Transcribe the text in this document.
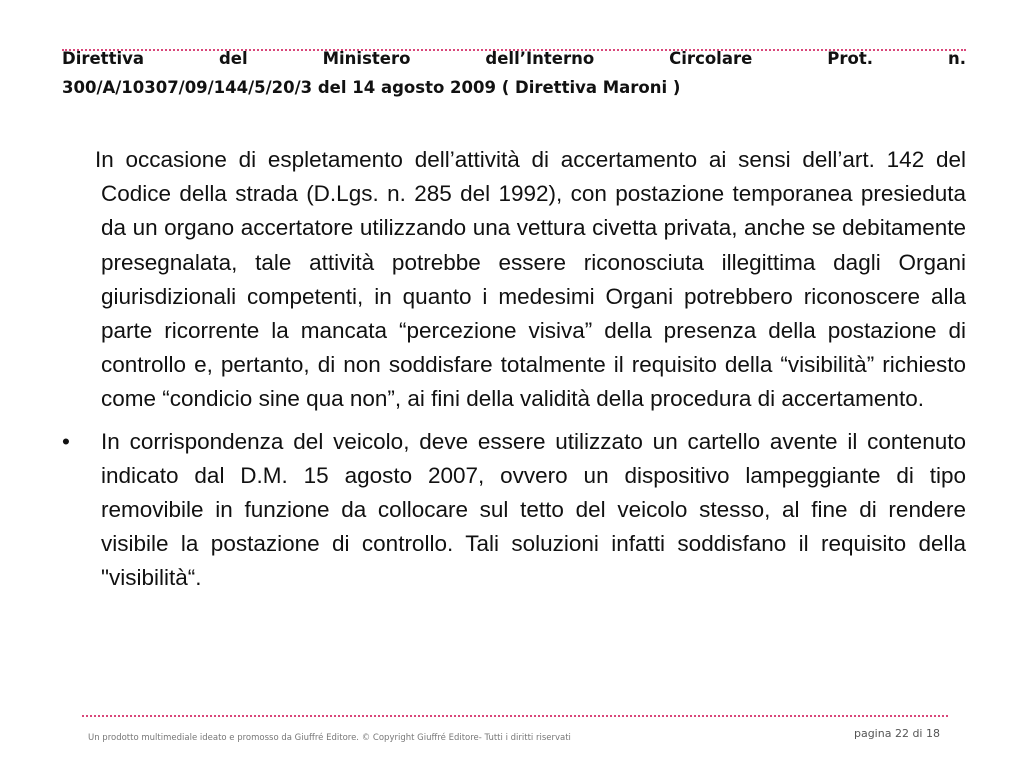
Direttiva del Ministero dell’Interno Circolare Prot. n.
300/A/10307/09/144/5/20/3 del 14 agosto 2009 ( Direttiva Maroni )

In occasione di espletamento dell’attività di accertamento ai sensi dell’art. 142 del Codice della strada (D.Lgs. n. 285 del 1992), con postazione temporanea presieduta da un organo accertatore utilizzando una vettura civetta privata, anche se debitamente presegnalata, tale attività potrebbe essere riconosciuta illegittima dagli Organi giurisdizionali competenti, in quanto i medesimi Organi potrebbero riconoscere alla parte ricorrente la mancata “percezione visiva” della presenza della postazione di controllo e, pertanto, di non soddisfare totalmente il requisito della “visibilità” richiesto come “condicio sine qua non”, ai fini della validità della procedura di accertamento.

•	In corrispondenza del veicolo, deve essere utilizzato un cartello avente il contenuto indicato dal D.M. 15 agosto 2007, ovvero un dispositivo lampeggiante di tipo removibile in funzione da collocare sul tetto del veicolo stesso, al fine di rendere visibile la postazione di controllo. Tali soluzioni infatti soddisfano il requisito della "visibilità“.
Un prodotto multimediale ideato e promosso da Giuffré Editore. © Copyright Giuffré Editore- Tutti i diritti riservati	pagina 22 di 18
